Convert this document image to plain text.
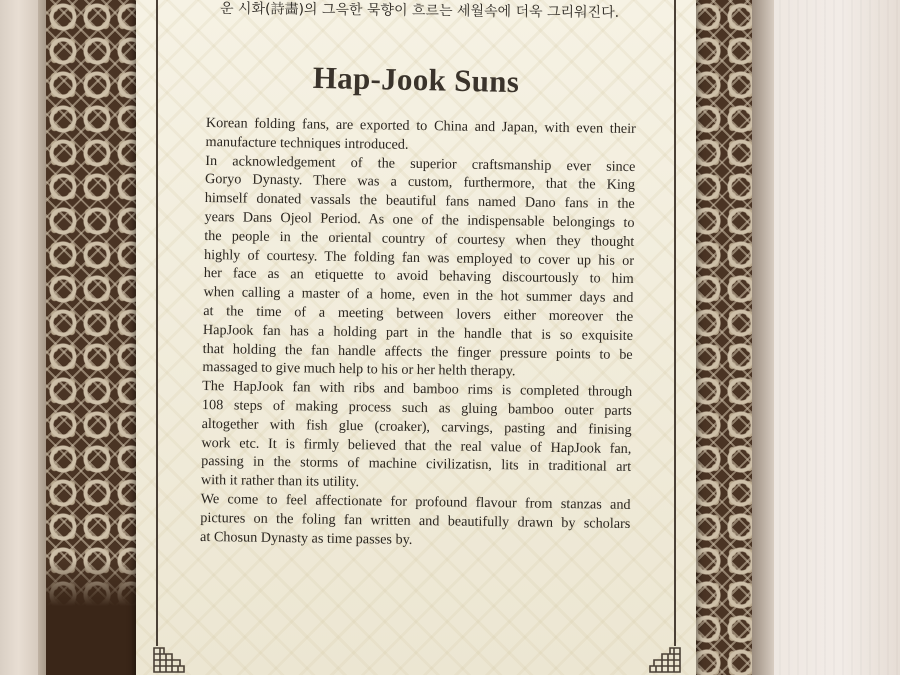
운 시화(詩畵)의 그윽한 묵향이 흐르는 세월속에 더욱 그리워진다.
Hap-Jook Suns
Korean folding fans, are exported to China and Japan, with even their
manufacture techniques introduced.
In acknowledgement of the superior craftsmanship ever since
Goryo Dynasty. There was a custom, furthermore, that the King
himself donated vassals the beautiful fans named Dano fans in the
years Dans Ojeol Period. As one of the indispensable belongings to
the people in the oriental country of courtesy when they thought
highly of courtesy. The folding fan was employed to cover up his or
her face as an etiquette to avoid behaving discourtously to him
when calling a master of a home, even in the hot summer days and
at the time of a meeting between lovers either moreover the
HapJook fan has a holding part in the handle that is so exquisite
that holding the fan handle affects the finger pressure points to be
massaged to give much help to his or her helth therapy.
The HapJook fan with ribs and bamboo rims is completed through
108 steps of making process such as gluing bamboo outer parts
altogether with fish glue (croaker), carvings, pasting and finising
work etc. It is firmly believed that the real value of HapJook fan,
passing in the storms of machine civilizatisn, lits in traditional art
with it rather than its utility.
We come to feel affectionate for profound flavour from stanzas and
pictures on the foling fan written and beautifully drawn by scholars
at Chosun Dynasty as time passes by.
